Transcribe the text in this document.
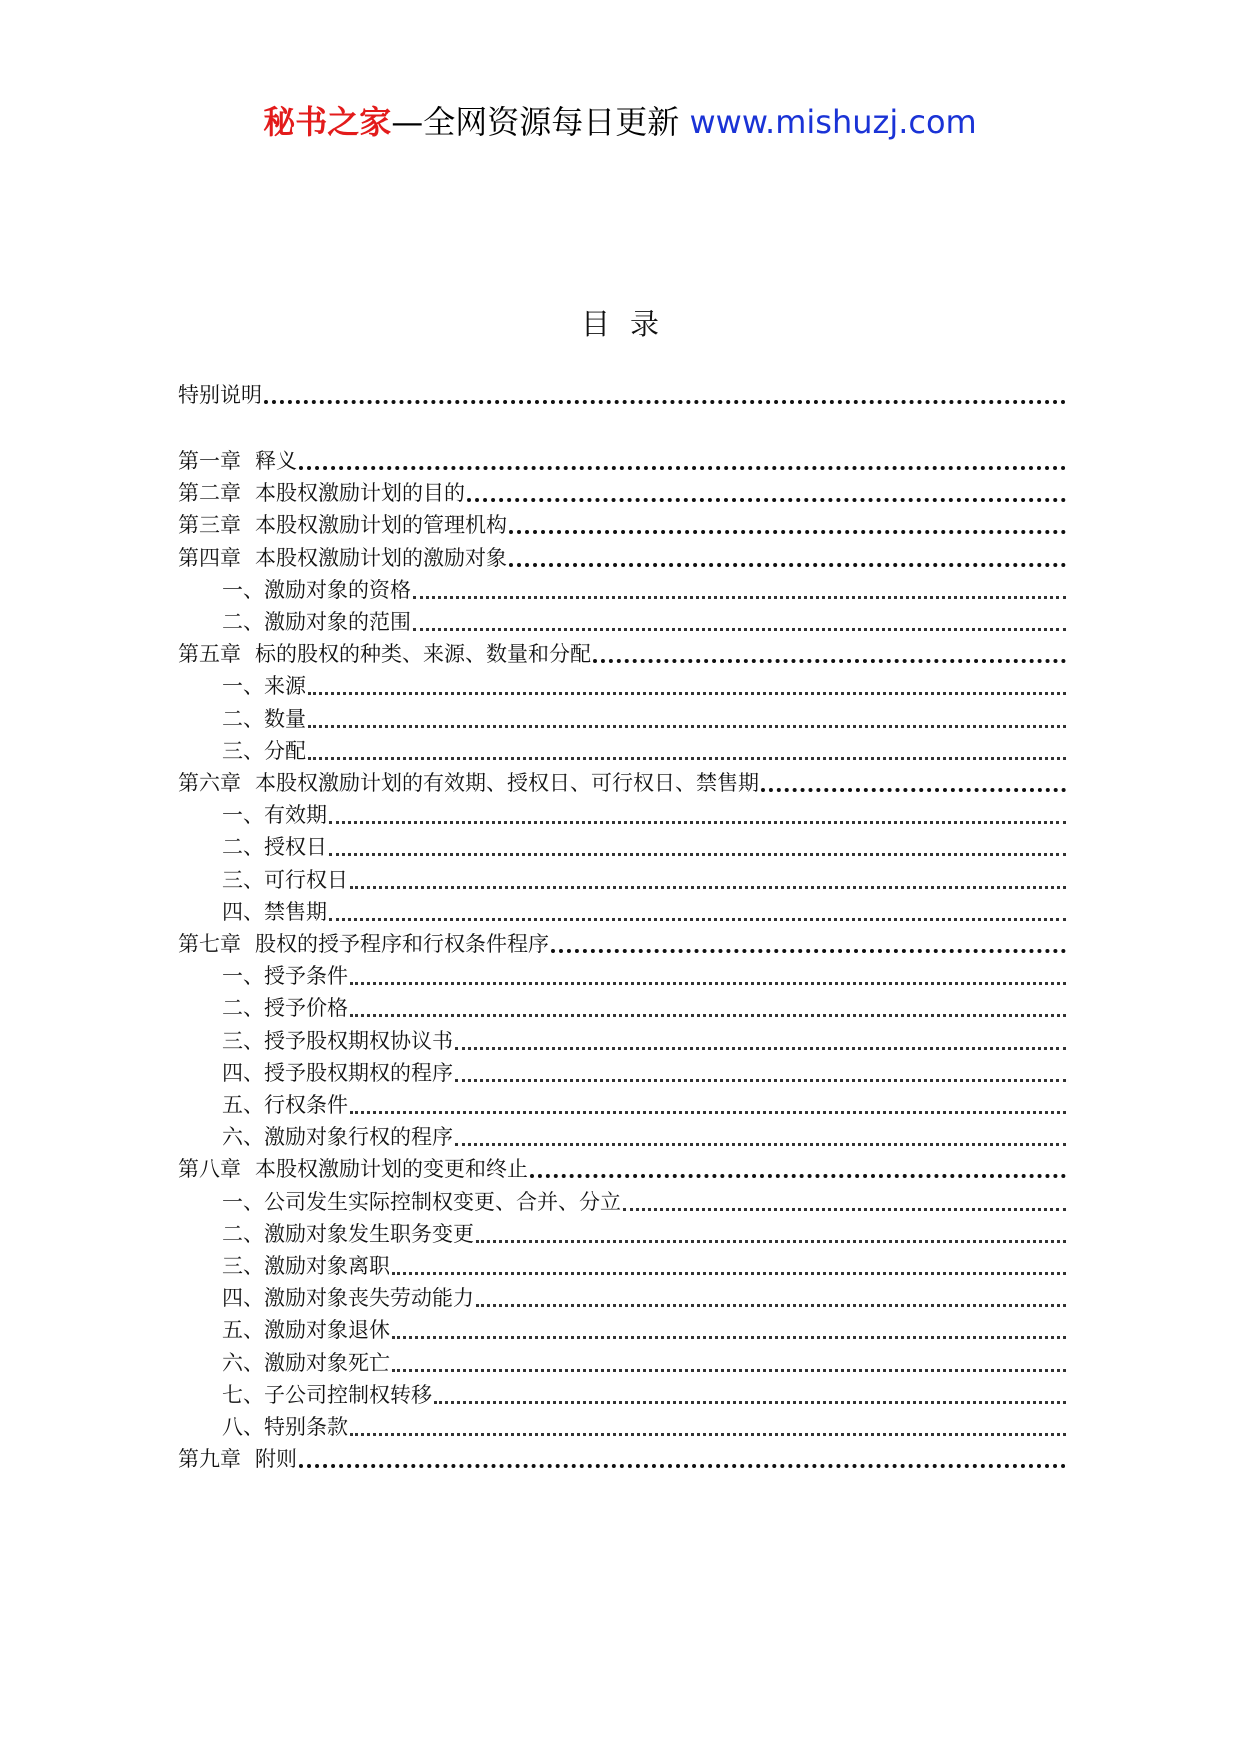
秘书之家—全网资源每日更新 www.mishuzj.com
目录
特别说明
第一章 释义
第二章 本股权激励计划的目的
第三章 本股权激励计划的管理机构
第四章 本股权激励计划的激励对象
一、激励对象的资格
二、激励对象的范围
第五章 标的股权的种类、来源、数量和分配
一、来源
二、数量
三、分配
第六章 本股权激励计划的有效期、授权日、可行权日、禁售期
一、有效期
二、授权日
三、可行权日
四、禁售期
第七章 股权的授予程序和行权条件程序
一、授予条件
二、授予价格
三、授予股权期权协议书
四、授予股权期权的程序
五、行权条件
六、激励对象行权的程序
第八章 本股权激励计划的变更和终止
一、公司发生实际控制权变更、合并、分立
二、激励对象发生职务变更
三、激励对象离职
四、激励对象丧失劳动能力
五、激励对象退休
六、激励对象死亡
七、子公司控制权转移
八、特别条款
第九章 附则
